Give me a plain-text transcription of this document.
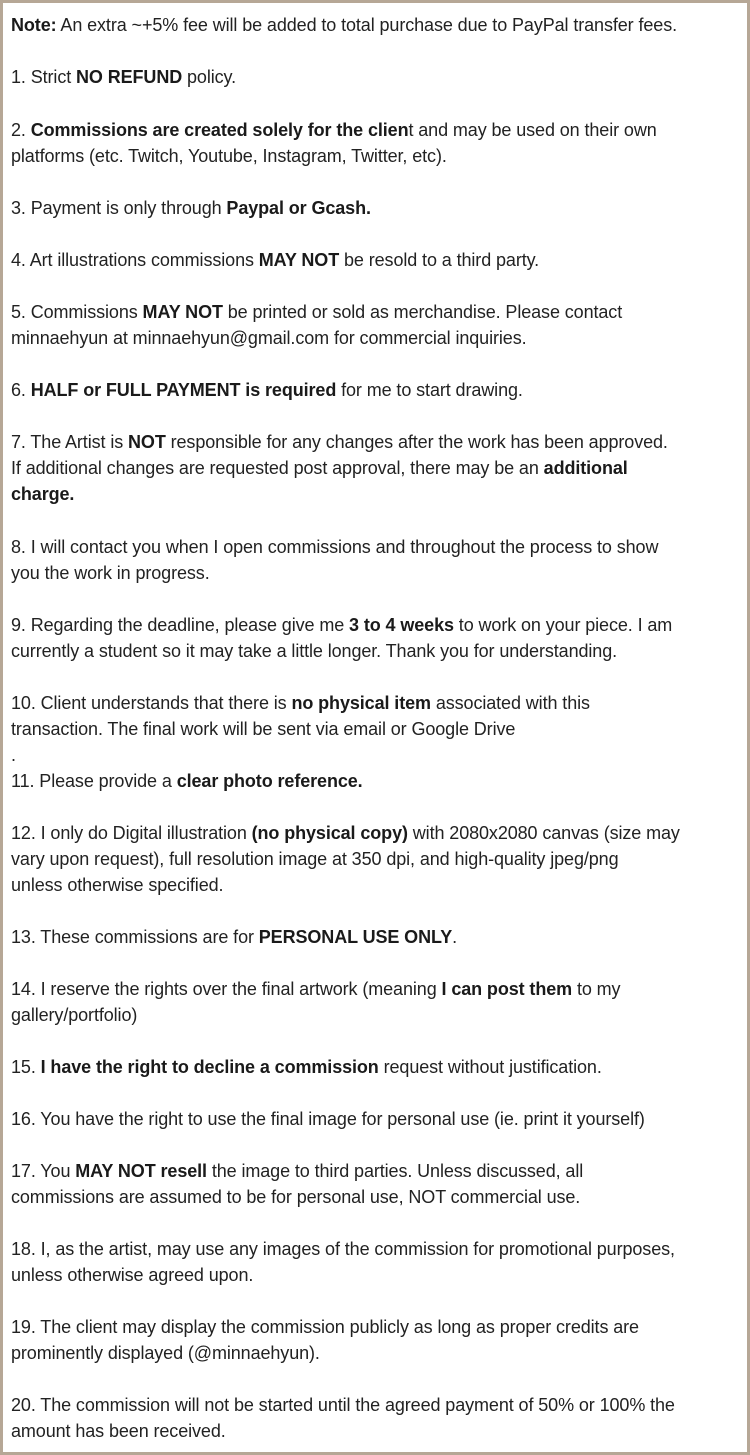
Note: An extra ~+5% fee will be added to total purchase due to PayPal transfer fees.
1. Strict NO REFUND policy.
2. Commissions are created solely for the client and may be used on their own
platforms (etc. Twitch, Youtube, Instagram, Twitter, etc).
3. Payment is only through Paypal or Gcash.
4. Art illustrations commissions MAY NOT be resold to a third party.
5. Commissions MAY NOT be printed or sold as merchandise. Please contact
minnaehyun at minnaehyun@gmail.com for commercial inquiries.
6. HALF or FULL PAYMENT is required for me to start drawing.
7. The Artist is NOT responsible for any changes after the work has been approved.
If additional changes are requested post approval, there may be an additional
charge.
8. I will contact you when I open commissions and throughout the process to show
you the work in progress.
9. Regarding the deadline, please give me 3 to 4 weeks to work on your piece. I am
currently a student so it may take a little longer. Thank you for understanding.
10. Client understands that there is no physical item associated with this
transaction. The final work will be sent via email or Google Drive
.
11. Please provide a clear photo reference.
12. I only do Digital illustration (no physical copy) with 2080x2080 canvas (size may
vary upon request), full resolution image at 350 dpi, and high-quality jpeg/png
unless otherwise specified.
13. These commissions are for PERSONAL USE ONLY.
14. I reserve the rights over the final artwork (meaning I can post them to my
gallery/portfolio)
15. I have the right to decline a commission request without justification.
16. You have the right to use the final image for personal use (ie. print it yourself)
17. You MAY NOT resell the image to third parties. Unless discussed, all
commissions are assumed to be for personal use, NOT commercial use.
18. I, as the artist, may use any images of the commission for promotional purposes,
unless otherwise agreed upon.
19. The client may display the commission publicly as long as proper credits are
prominently displayed (@minnaehyun).
20. The commission will not be started until the agreed payment of 50% or 100% the
amount has been received.
